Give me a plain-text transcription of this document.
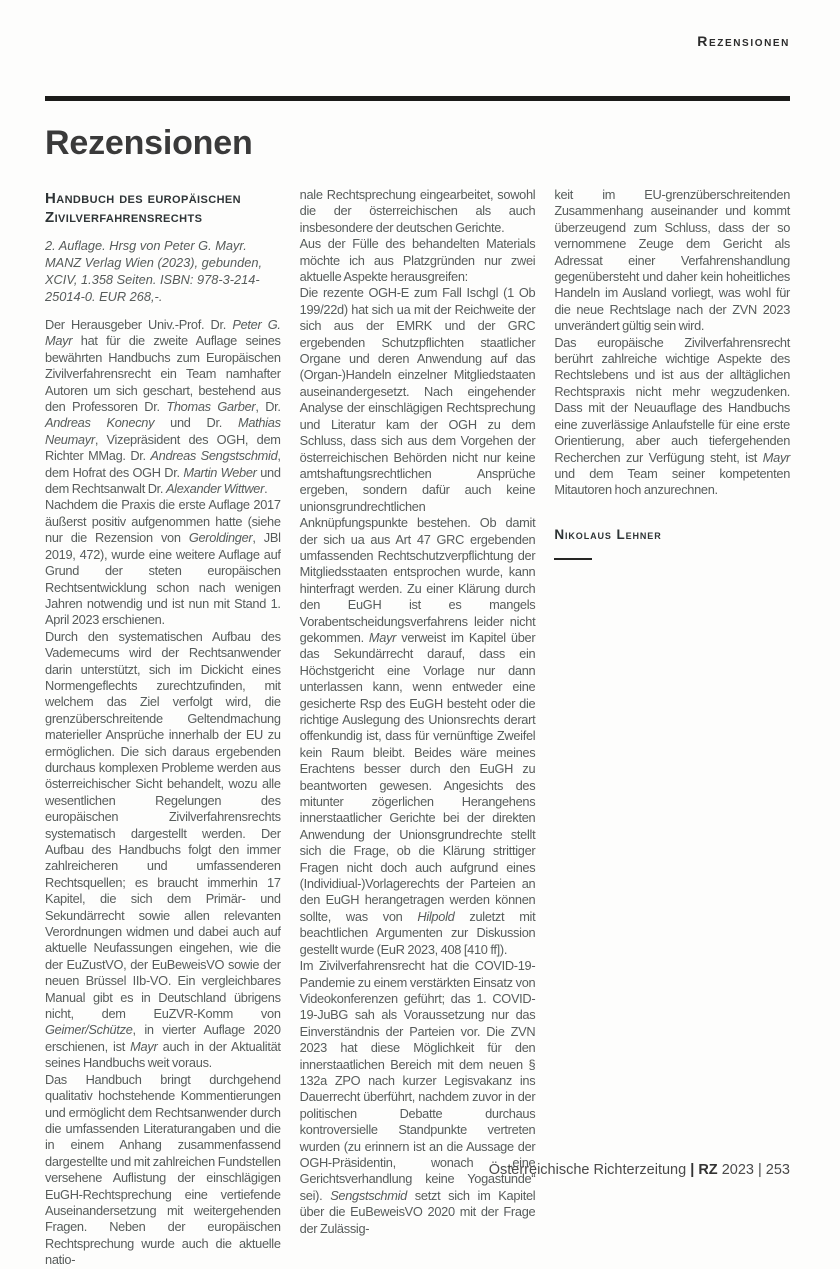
Rezensionen
Rezensionen
Handbuch des europäischen Zivilverfahrensrechts

2. Auflage. Hrsg von Peter G. Mayr. MANZ Verlag Wien (2023), gebunden, XCIV, 1.358 Seiten. ISBN: 978-3-214-25014-0. EUR 268,-.

Der Herausgeber Univ.-Prof. Dr. Peter G. Mayr hat für die zweite Auflage seines bewährten Handbuchs zum Europäischen Zivilverfahrensrecht ein Team namhafter Autoren um sich geschart, bestehend aus den Professoren Dr. Thomas Garber, Dr. Andreas Konecny und Dr. Mathias Neumayr, Vizepräsident des OGH, dem Richter MMag. Dr. Andreas Sengstschmid, dem Hofrat des OGH Dr. Martin Weber und dem Rechtsanwalt Dr. Alexander Wittwer.

Nachdem die Praxis die erste Auflage 2017 äußerst positiv aufgenommen hatte (siehe nur die Rezension von Geroldinger, JBl 2019, 472), wurde eine weitere Auflage auf Grund der steten europäischen Rechtsentwicklung schon nach wenigen Jahren notwendig und ist nun mit Stand 1. April 2023 erschienen.

Durch den systematischen Aufbau des Vademecums wird der Rechtsanwender darin unterstützt, sich im Dickicht eines Normengeflechts zurechtzufinden, mit welchem das Ziel verfolgt wird, die grenzüberschreitende Geltendmachung materieller Ansprüche innerhalb der EU zu ermöglichen. Die sich daraus ergebenden durchaus komplexen Probleme werden aus österreichischer Sicht behandelt, wozu alle wesentlichen Regelungen des europäischen Zivilverfahrensrechts systematisch dargestellt werden. Der Aufbau des Handbuchs folgt den immer zahlreicheren und umfassenderen Rechtsquellen; es braucht immerhin 17 Kapitel, die sich dem Primär- und Sekundärrecht sowie allen relevanten Verordnungen widmen und dabei auch auf aktuelle Neufassungen eingehen, wie die der EuZustVO, der EuBeweisVO sowie der neuen Brüssel IIb-VO. Ein vergleichbares Manual gibt es in Deutschland übrigens nicht, dem EuZVR-Komm von Geimer/Schütze, in vierter Auflage 2020 erschienen, ist Mayr auch in der Aktualität seines Handbuchs weit voraus.

Das Handbuch bringt durchgehend qualitativ hochstehende Kommentierungen und ermöglicht dem Rechtsanwender durch die umfassenden Literaturangaben und die in einem Anhang zusammenfassend dargestellte und mit zahlreichen Fundstellen versehene Auflistung der einschlägigen EuGH-Rechtsprechung eine vertiefende Auseinandersetzung mit weitergehenden Fragen. Neben der europäischen Rechtsprechung wurde auch die aktuelle natio-

nale Rechtsprechung eingearbeitet, sowohl die der österreichischen als auch insbesondere der deutschen Gerichte.

Aus der Fülle des behandelten Materials möchte ich aus Platzgründen nur zwei aktuelle Aspekte herausgreifen:

Die rezente OGH-E zum Fall Ischgl (1 Ob 199/22d) hat sich ua mit der Reichweite der sich aus der EMRK und der GRC ergebenden Schutzpflichten staatlicher Organe und deren Anwendung auf das (Organ-)Handeln einzelner Mitgliedstaaten auseinandergesetzt. Nach eingehender Analyse der einschlägigen Rechtsprechung und Literatur kam der OGH zu dem Schluss, dass sich aus dem Vorgehen der österreichischen Behörden nicht nur keine amtshaftungsrechtlichen Ansprüche ergeben, sondern dafür auch keine unionsgrundrechtlichen Anknüpfungspunkte bestehen. Ob damit der sich ua aus Art 47 GRC ergebenden umfassenden Rechtschutzverpflichtung der Mitgliedsstaaten entsprochen wurde, kann hinterfragt werden. Zu einer Klärung durch den EuGH ist es mangels Vorabentscheidungsverfahrens leider nicht gekommen. Mayr verweist im Kapitel über das Sekundärrecht darauf, dass ein Höchstgericht eine Vorlage nur dann unterlassen kann, wenn entweder eine gesicherte Rsp des EuGH besteht oder die richtige Auslegung des Unionsrechts derart offenkundig ist, dass für vernünftige Zweifel kein Raum bleibt. Beides wäre meines Erachtens besser durch den EuGH zu beantworten gewesen. Angesichts des mitunter zögerlichen Herangehens innerstaatlicher Gerichte bei der direkten Anwendung der Unionsgrundrechte stellt sich die Frage, ob die Klärung strittiger Fragen nicht doch auch aufgrund eines (Individiual-)Vorlagerechts der Parteien an den EuGH herangetragen werden können sollte, was von Hilpold zuletzt mit beachtlichen Argumenten zur Diskussion gestellt wurde (EuR 2023, 408 [410 ff]).

Im Zivilverfahrensrecht hat die COVID-19-Pandemie zu einem verstärkten Einsatz von Videokonferenzen geführt; das 1. COVID-19-JuBG sah als Voraussetzung nur das Einverständnis der Parteien vor. Die ZVN 2023 hat diese Möglichkeit für den innerstaatlichen Bereich mit dem neuen § 132a ZPO nach kurzer Legisvakanz ins Dauerrecht überführt, nachdem zuvor in der politischen Debatte durchaus kontroversielle Standpunkte vertreten wurden (zu erinnern ist an die Aussage der OGH-Präsidentin, wonach „eine Gerichtsverhandlung keine Yogastunde“ sei). Sengstschmid setzt sich im Kapitel über die EuBeweisVO 2020 mit der Frage der Zulässig-

keit im EU-grenzüberschreitenden Zusammenhang auseinander und kommt überzeugend zum Schluss, dass der so vernommene Zeuge dem Gericht als Adressat einer Verfahrenshandlung gegenübersteht und daher kein hoheitliches Handeln im Ausland vorliegt, was wohl für die neue Rechtslage nach der ZVN 2023 unverändert gültig sein wird.

Das europäische Zivilverfahrensrecht berührt zahlreiche wichtige Aspekte des Rechtslebens und ist aus der alltäglichen Rechtspraxis nicht mehr wegzudenken. Dass mit der Neuauflage des Handbuchs eine zuverlässige Anlaufstelle für eine erste Orientierung, aber auch tiefergehenden Recherchen zur Verfügung steht, ist Mayr und dem Team seiner kompetenten Mitautoren hoch anzurechnen.

Nikolaus Lehner
Österreichische Richterzeitung | RZ 2023 | 253
